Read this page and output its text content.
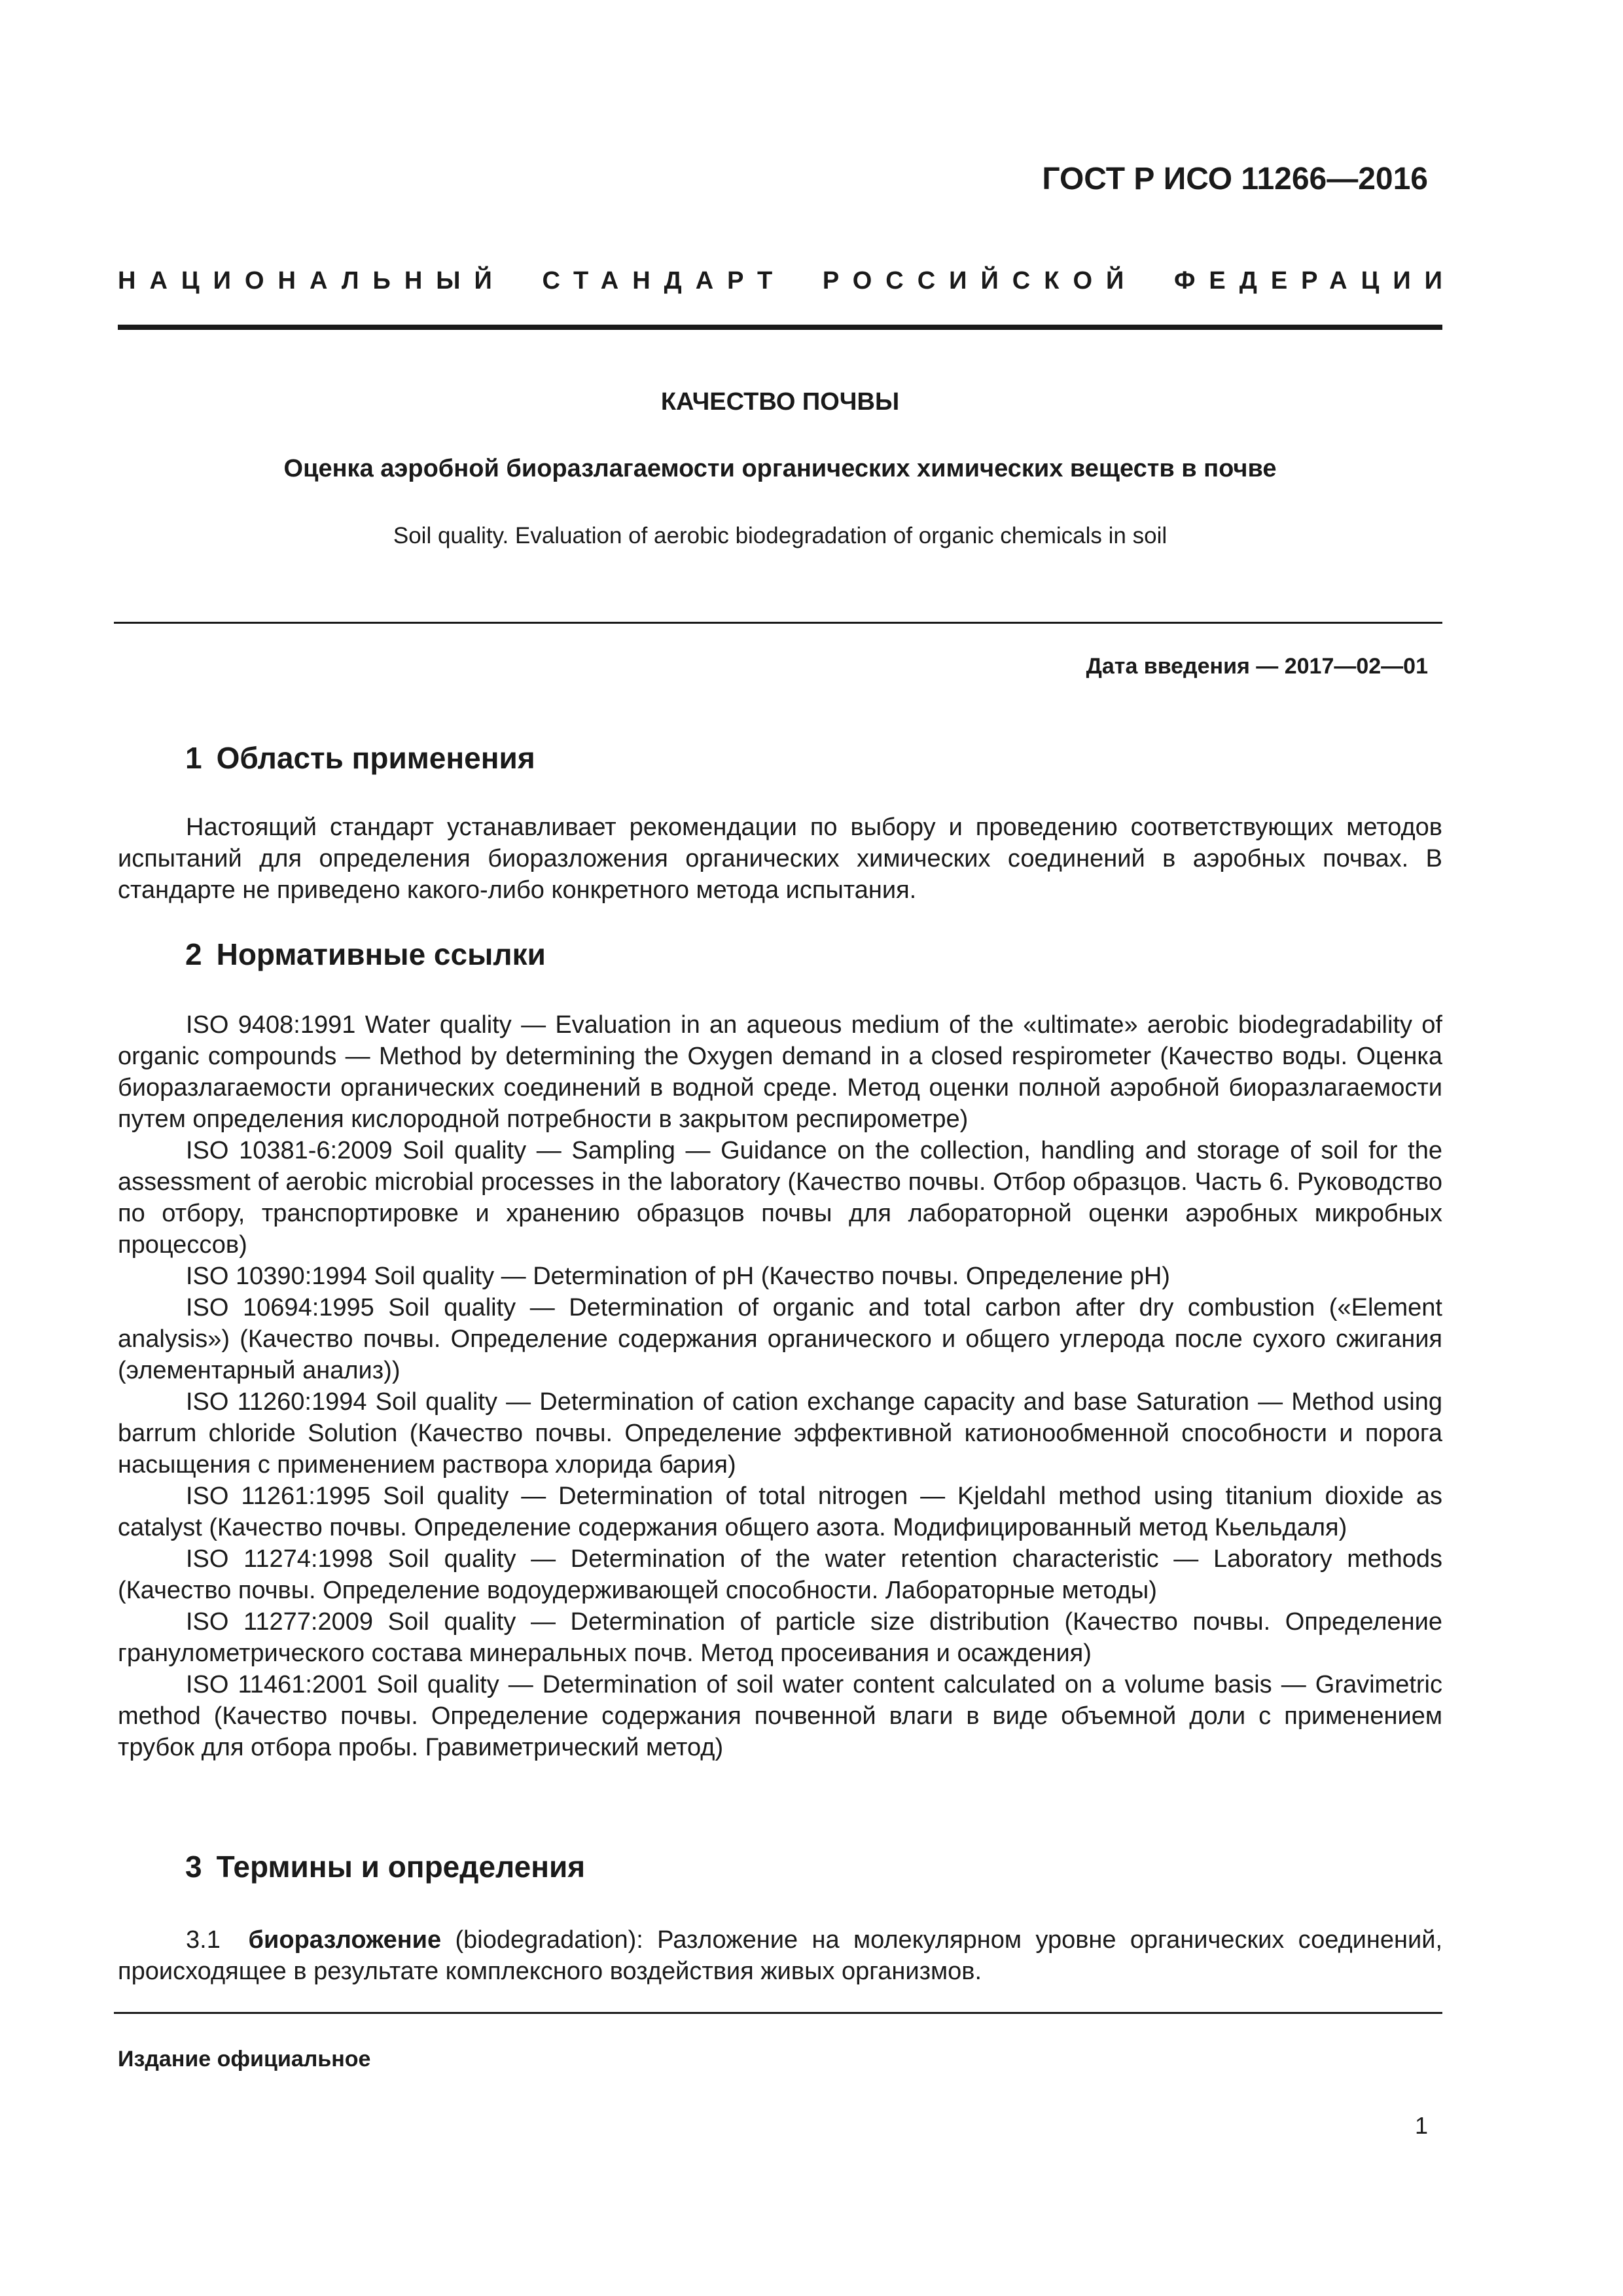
ГОСТ Р ИСО 11266—2016
НАЦИОНАЛЬНЫЙ СТАНДАРТ РОССИЙСКОЙ ФЕДЕРАЦИИ
КАЧЕСТВО ПОЧВЫ
Оценка аэробной биоразлагаемости органических химических веществ в почве
Soil quality. Evaluation of aerobic biodegradation of organic chemicals in soil
Дата введения — 2017—02—01
1 Область применения

Настоящий стандарт устанавливает рекомендации по выбору и проведению соответствующих методов испытаний для определения биоразложения органических химических соединений в аэробных почвах. В стандарте не приведено какого-либо конкретного метода испытания.

2 Нормативные ссылки

ISO 9408:1991 Water quality — Evaluation in an aqueous medium of the «ultimate» aerobic biodegradability of organic compounds — Method by determining the Oxygen demand in a closed respirometer (Качество воды. Оценка биоразлагаемости органических соединений в водной среде. Метод оценки полной аэробной биоразлагаемости путем определения кислородной потребности в закрытом респирометре)

ISO 10381-6:2009 Soil quality — Sampling — Guidance on the collection, handling and storage of soil for the assessment of aerobic microbial processes in the laboratory (Качество почвы. Отбор образцов. Часть 6. Руководство по отбору, транспортировке и хранению образцов почвы для лабораторной оценки аэробных микробных процессов)

ISO 10390:1994 Soil quality — Determination of pH (Качество почвы. Определение pH)

ISO 10694:1995 Soil quality — Determination of organic and total carbon after dry combustion («Element analysis») (Качество почвы. Определение содержания органического и общего углерода после сухого сжигания (элементарный анализ))

ISO 11260:1994 Soil quality — Determination of cation exchange capacity and base Saturation — Method using barrum chloride Solution (Качество почвы. Определение эффективной катионообменной способности и порога насыщения с применением раствора хлорида бария)

ISO 11261:1995 Soil quality — Determination of total nitrogen — Kjeldahl method using titanium dioxide as catalyst (Качество почвы. Определение содержания общего азота. Модифицированный метод Кьельдаля)

ISO 11274:1998 Soil quality — Determination of the water retention characteristic — Laboratory methods (Качество почвы. Определение водоудерживающей способности. Лабораторные методы)

ISO 11277:2009 Soil quality — Determination of particle size distribution (Качество почвы. Определение гранулометрического состава минеральных почв. Метод просеивания и осаждения)

ISO 11461:2001 Soil quality — Determination of soil water content calculated on a volume basis — Gravimetric method (Качество почвы. Определение содержания почвенной влаги в виде объемной доли с применением трубок для отбора пробы. Гравиметрический метод)

3 Термины и определения

3.1 биоразложение (biodegradation): Разложение на молекулярном уровне органических соединений, происходящее в результате комплексного воздействия живых организмов.

Издание официальное
1
